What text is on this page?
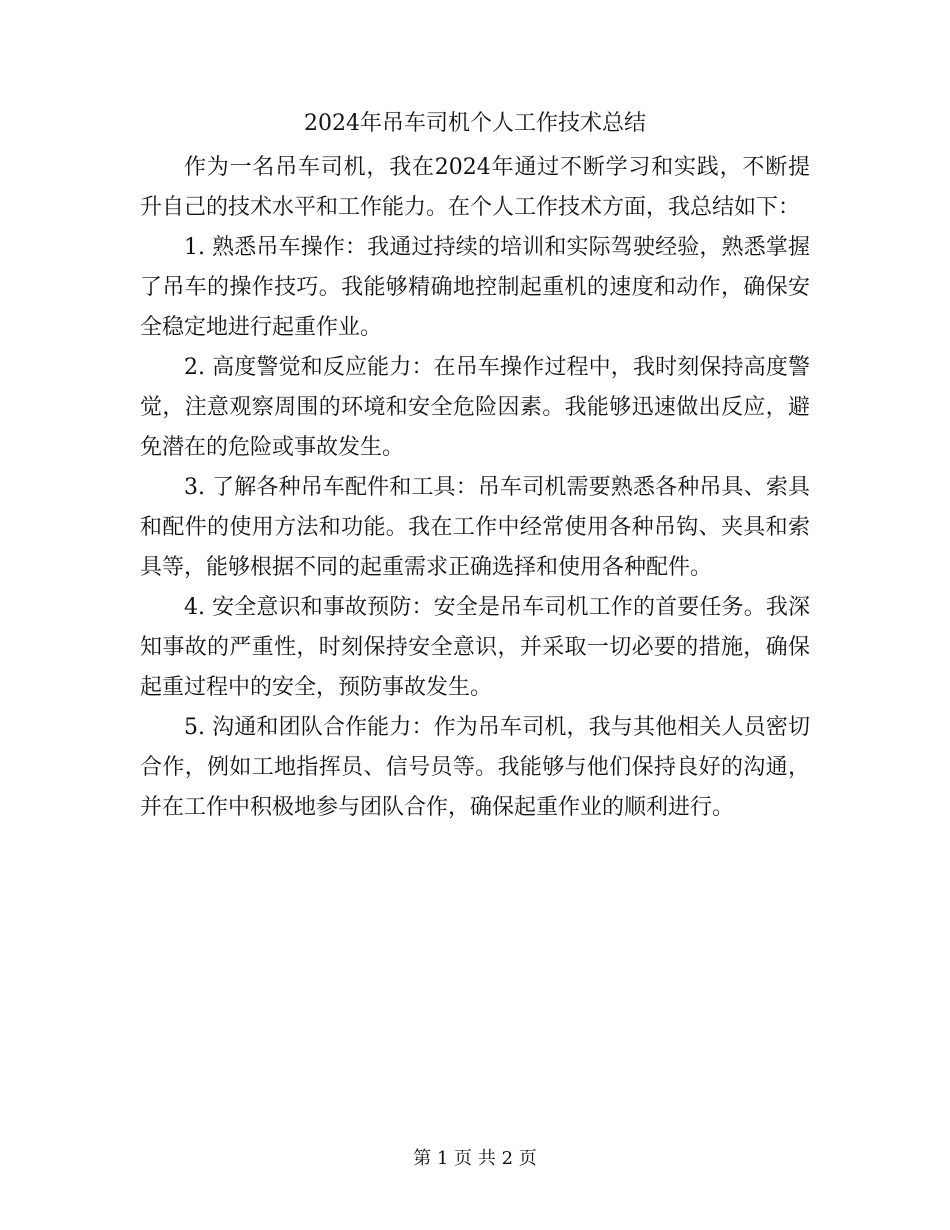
2024年吊车司机个人工作技术总结

作为一名吊车司机，我在2024年通过不断学习和实践，不断提升自己的技术水平和工作能力。在个人工作技术方面，我总结如下：

1. 熟悉吊车操作：我通过持续的培训和实际驾驶经验，熟悉掌握了吊车的操作技巧。我能够精确地控制起重机的速度和动作，确保安全稳定地进行起重作业。

2. 高度警觉和反应能力：在吊车操作过程中，我时刻保持高度警觉，注意观察周围的环境和安全危险因素。我能够迅速做出反应，避免潜在的危险或事故发生。

3. 了解各种吊车配件和工具：吊车司机需要熟悉各种吊具、索具和配件的使用方法和功能。我在工作中经常使用各种吊钩、夹具和索具等，能够根据不同的起重需求正确选择和使用各种配件。

4. 安全意识和事故预防：安全是吊车司机工作的首要任务。我深知事故的严重性，时刻保持安全意识，并采取一切必要的措施，确保起重过程中的安全，预防事故发生。

5. 沟通和团队合作能力：作为吊车司机，我与其他相关人员密切合作，例如工地指挥员、信号员等。我能够与他们保持良好的沟通，并在工作中积极地参与团队合作，确保起重作业的顺利进行。

第 1 页 共 2 页
